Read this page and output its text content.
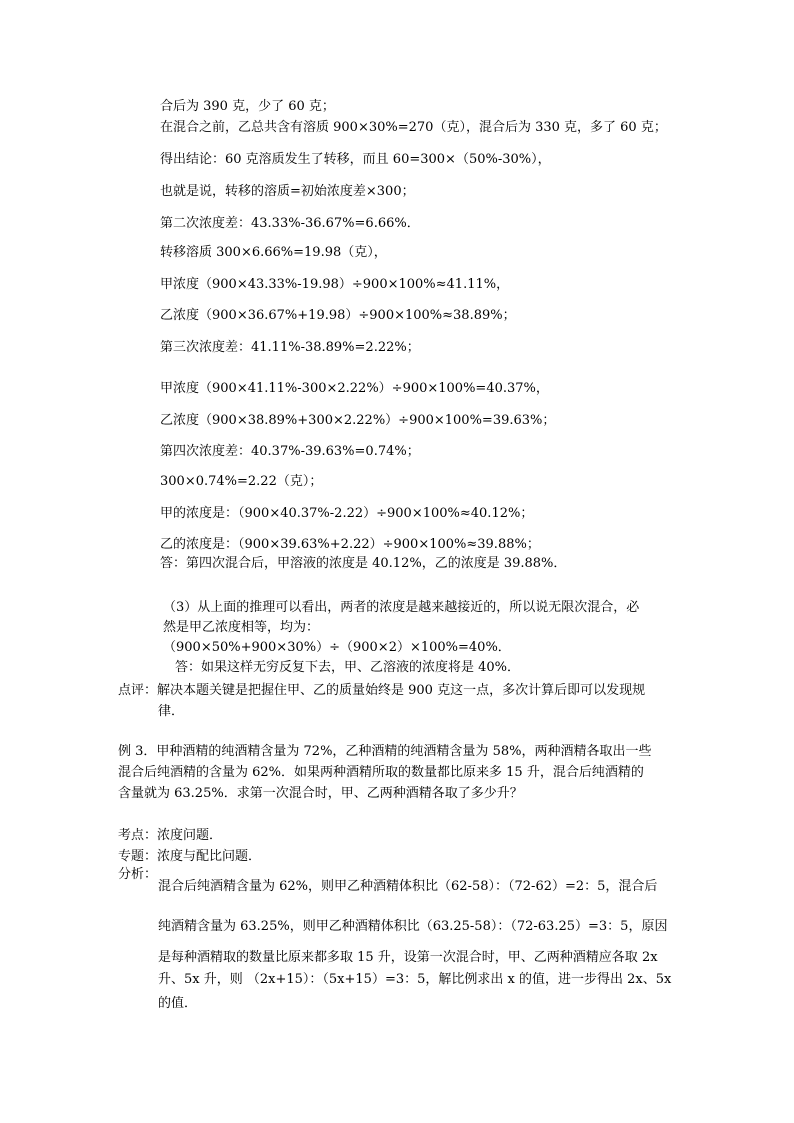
合后为 390 克，少了 60 克；
在混合之前，乙总共含有溶质 900×30%=270（克），混合后为 330 克，多了 60 克；
得出结论：60 克溶质发生了转移，而且 60=300×（50%-30%），
也就是说，转移的溶质=初始浓度差×300；
第二次浓度差：43.33%-36.67%=6.66%．
转移溶质 300×6.66%=19.98（克），
甲浓度（900×43.33%-19.98）÷900×100%≈41.11%，
乙浓度（900×36.67%+19.98）÷900×100%≈38.89%；
第三次浓度差：41.11%-38.89%=2.22%；
甲浓度（900×41.11%-300×2.22%）÷900×100%=40.37%，
乙浓度（900×38.89%+300×2.22%）÷900×100%=39.63%；
第四次浓度差：40.37%-39.63%=0.74%；
300×0.74%=2.22（克）；
甲的浓度是：（900×40.37%-2.22）÷900×100%≈40.12%；
乙的浓度是：（900×39.63%+2.22）÷900×100%≈39.88%；
答：第四次混合后，甲溶液的浓度是 40.12%，乙的浓度是 39.88%．
（3）从上面的推理可以看出，两者的浓度是越来越接近的，所以说无限次混合，必
然是甲乙浓度相等，均为：
（900×50%+900×30%）÷（900×2）×100%=40%．
答：如果这样无穷反复下去，甲、乙溶液的浓度将是 40%．
点评：解决本题关键是把握住甲、乙的质量始终是 900 克这一点，多次计算后即可以发现规
律．
例 3．甲种酒精的纯酒精含量为 72%，乙种酒精的纯酒精含量为 58%，两种酒精各取出一些
混合后纯酒精的含量为 62%．如果两种酒精所取的数量都比原来多 15 升，混合后纯酒精的
含量就为 63.25%．求第一次混合时，甲、乙两种酒精各取了多少升？
考点：浓度问题．
专题：浓度与配比问题．
分析：
混合后纯酒精含量为 62%，则甲乙种酒精体积比（62-58）：（72-62）=2：5，混合后
纯酒精含量为 63.25%，则甲乙种酒精体积比（63.25-58）：（72-63.25）=3：5，原因
是每种酒精取的数量比原来都多取 15 升，设第一次混合时，甲、乙两种酒精应各取 2x
升、5x 升，则 （2x+15）：（5x+15）=3：5，解比例求出 x 的值，进一步得出 2x、5x
的值．
